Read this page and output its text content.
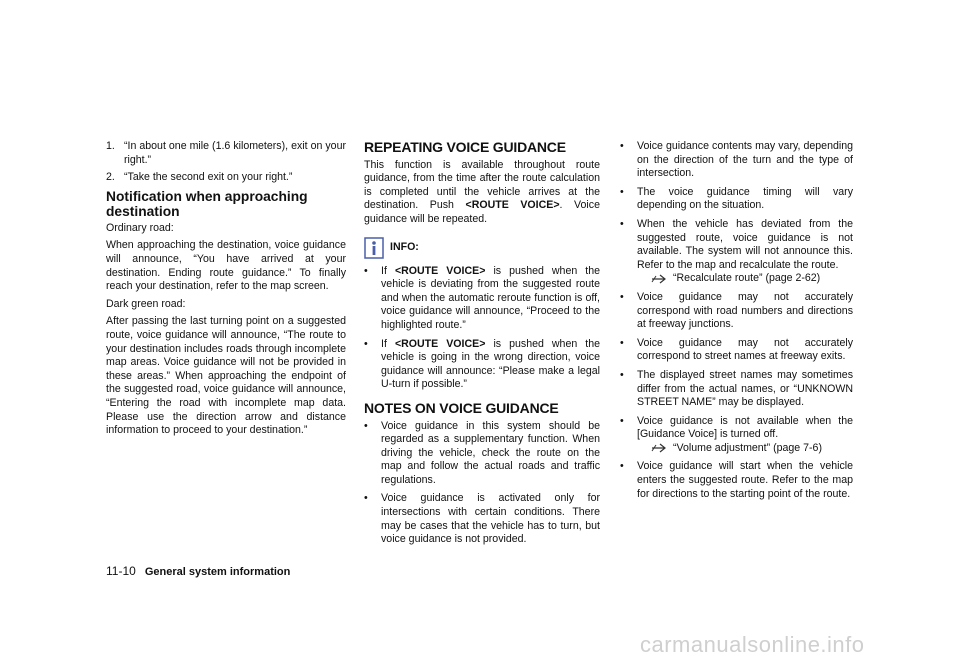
1. “In about one mile (1.6 kilometers), exit on your right.”
2. “Take the second exit on your right.”
Notification when approaching destination

Ordinary road:

When approaching the destination, voice guidance will announce, “You have arrived at your destination. Ending route guidance.” To finally reach your destination, refer to the map screen.

Dark green road:

After passing the last turning point on a suggested route, voice guidance will announce, “The route to your destination includes roads through incomplete map areas. Voice guidance will not be provided in these areas.” When approaching the endpoint of the suggested road, voice guidance will announce, “Entering the road with incomplete map data. Please use the direction arrow and distance information to proceed to your destination.”

REPEATING VOICE GUIDANCE

This function is available throughout route guidance, from the time after the route calculation is completed until the vehicle arrives at the destination. Push <ROUTE VOICE>. Voice guidance will be repeated.

INFO:
• If <ROUTE VOICE> is pushed when the vehicle is deviating from the suggested route and when the automatic reroute function is off, voice guidance will announce, “Proceed to the highlighted route.”
• If <ROUTE VOICE> is pushed when the vehicle is going in the wrong direction, voice guidance will announce: “Please make a legal U-turn if possible.”
NOTES ON VOICE GUIDANCE
• Voice guidance in this system should be regarded as a supplementary function. When driving the vehicle, check the route on the map and follow the actual roads and traffic regulations.
• Voice guidance is activated only for intersections with certain conditions. There may be cases that the vehicle has to turn, but voice guidance is not provided.
• Voice guidance contents may vary, depending on the direction of the turn and the type of intersection.
• The voice guidance timing will vary depending on the situation.
• When the vehicle has deviated from the suggested route, voice guidance is not available. The system will not announce this. Refer to the map and recalculate the route.
“Recalculate route” (page 2-62)
• Voice guidance may not accurately correspond with road numbers and directions at freeway junctions.
• Voice guidance may not accurately correspond to street names at freeway exits.
• The displayed street names may sometimes differ from the actual names, or “UNKNOWN STREET NAME” may be displayed.
• Voice guidance is not available when the [Guidance Voice] is turned off.
“Volume adjustment” (page 7-6)
• Voice guidance will start when the vehicle enters the suggested route. Refer to the map for directions to the starting point of the route.
11-10 General system information
carmanualsonline.info
